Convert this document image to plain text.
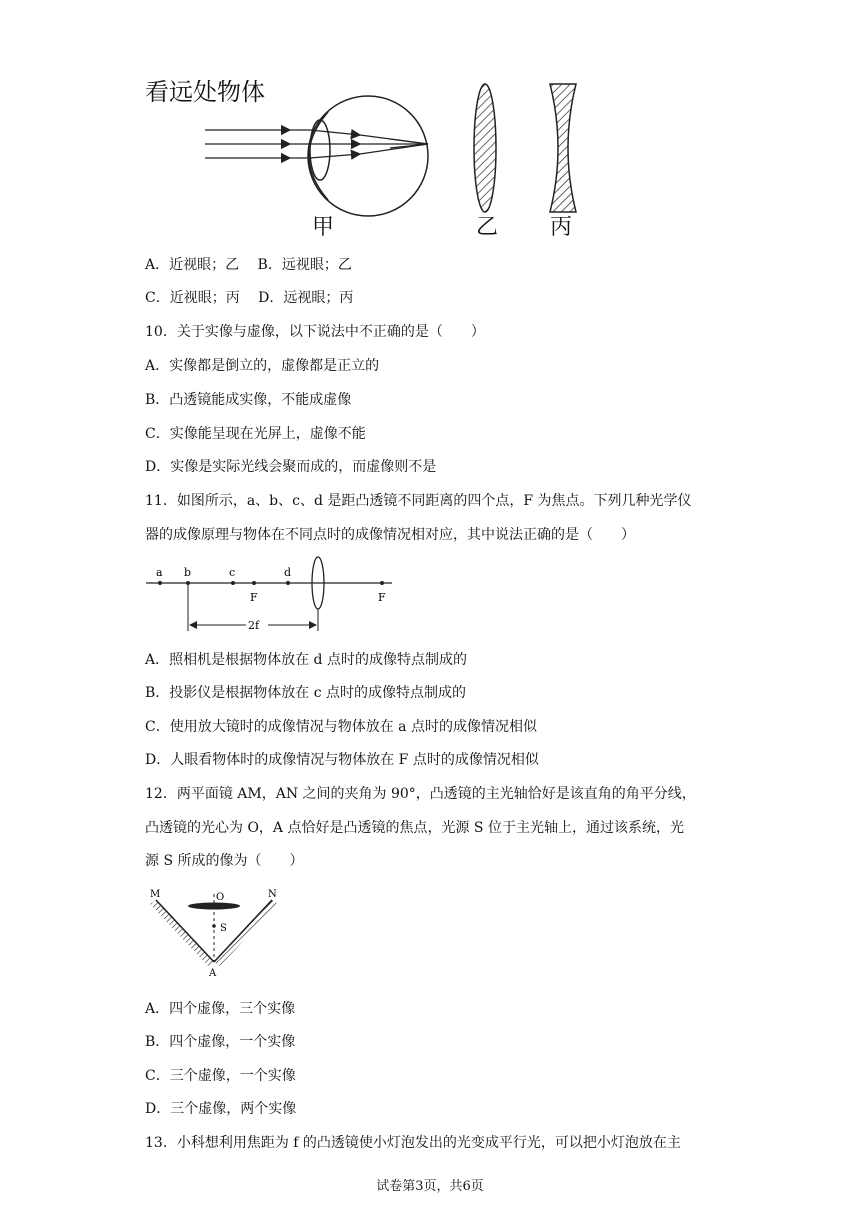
看远处物体
甲	乙 丙
A．近视眼；乙　 B．远视眼；乙
C．近视眼；丙　 D．远视眼；丙
10．关于实像与虚像，以下说法中不正确的是（　　）
A．实像都是倒立的，虚像都是正立的
B．凸透镜能成实像，不能成虚像
C．实像能呈现在光屏上，虚像不能
D．实像是实际光线会聚而成的，而虚像则不是
11．如图所示，a、b、c、d 是距凸透镜不同距离的四个点，F 为焦点。下列几种光学仪
器的成像原理与物体在不同点时的成像情况相对应，其中说法正确的是（　　）
a b	c	d
F	F
2f
A．照相机是根据物体放在 d 点时的成像特点制成的
B．投影仪是根据物体放在 c 点时的成像特点制成的
C．使用放大镜时的成像情况与物体放在 a 点时的成像情况相似
D．人眼看物体时的成像情况与物体放在 F 点时的成像情况相似
12．两平面镜 AM，AN 之间的夹角为 90°，凸透镜的主光轴恰好是该直角的角平分线，
凸透镜的光心为 O，A 点恰好是凸透镜的焦点，光源 S 位于主光轴上，通过该系统，光
源 S 所成的像为（　　）
M	O	N
S
A
A．四个虚像，三个实像
B．四个虚像，一个实像
C．三个虚像，一个实像
D．三个虚像，两个实像
13．小科想利用焦距为 f 的凸透镜使小灯泡发出的光变成平行光，可以把小灯泡放在主
试卷第3页，共6页
